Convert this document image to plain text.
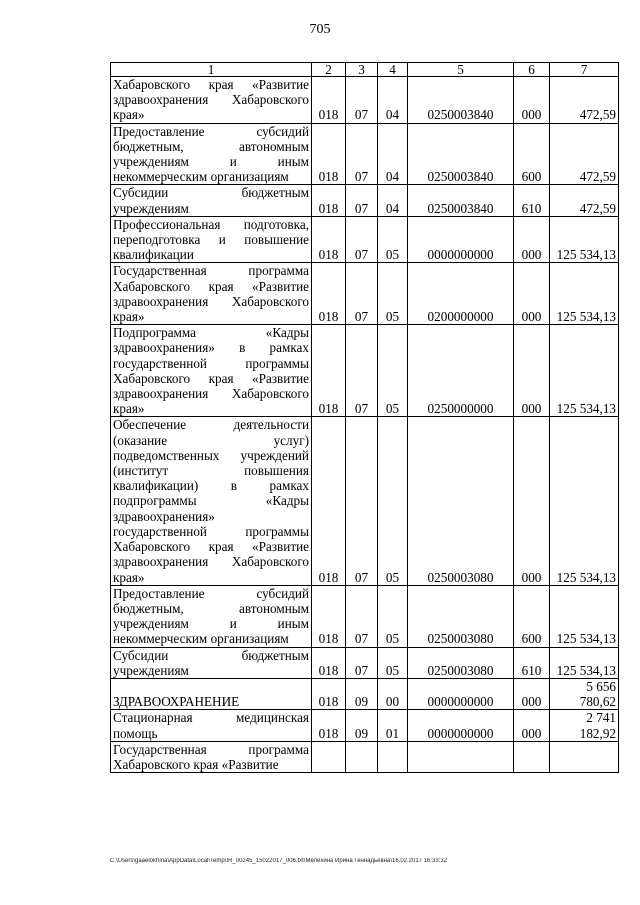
705
1	2	3	4	5	6	7
Хабаровского края «Развитие здравоохранения Хабаровского края»	018	07	04	0250003840	000	472,59
Предоставление субсидий бюджетным, автономным учреждениям и иным некоммерческим организациям	018	07	04	0250003840	600	472,59
Субсидии бюджетным учреждениям	018	07	04	0250003840	610	472,59
Профессиональная подготовка, переподготовка и повышение квалификации	018	07	05	0000000000	000	125 534,13
Государственная программа Хабаровского края «Развитие здравоохранения Хабаровского края»	018	07	05	0200000000	000	125 534,13
Подпрограмма «Кадры здравоохранения» в рамках государственной программы Хабаровского края «Развитие здравоохранения Хабаровского края»	018	07	05	0250000000	000	125 534,13
Обеспечение деятельности (оказание услуг) подведомственных учреждений (институт повышения квалификации) в рамках подпрограммы «Кадры здравоохранения» государственной программы Хабаровского края «Развитие здравоохранения Хабаровского края»	018	07	05	0250003080	000	125 534,13
Предоставление субсидий бюджетным, автономным учреждениям и иным некоммерческим организациям	018	07	05	0250003080	600	125 534,13
Субсидии бюджетным учреждениям	018	07	05	0250003080	610	125 534,13
ЗДРАВООХРАНЕНИЕ	018	09	00	0000000000	000	5 656 780,62
Стационарная медицинская помощь	018	09	01	0000000000	000	2 741 182,92
Государственная программа Хабаровского края «Развитие						
C:\Users\gaaelokhina\AppData\Local\Temp\IR_00245_15022017_006.txt\Мелехина Ирина Геннадьевна\16.02.2017 16:33:32
